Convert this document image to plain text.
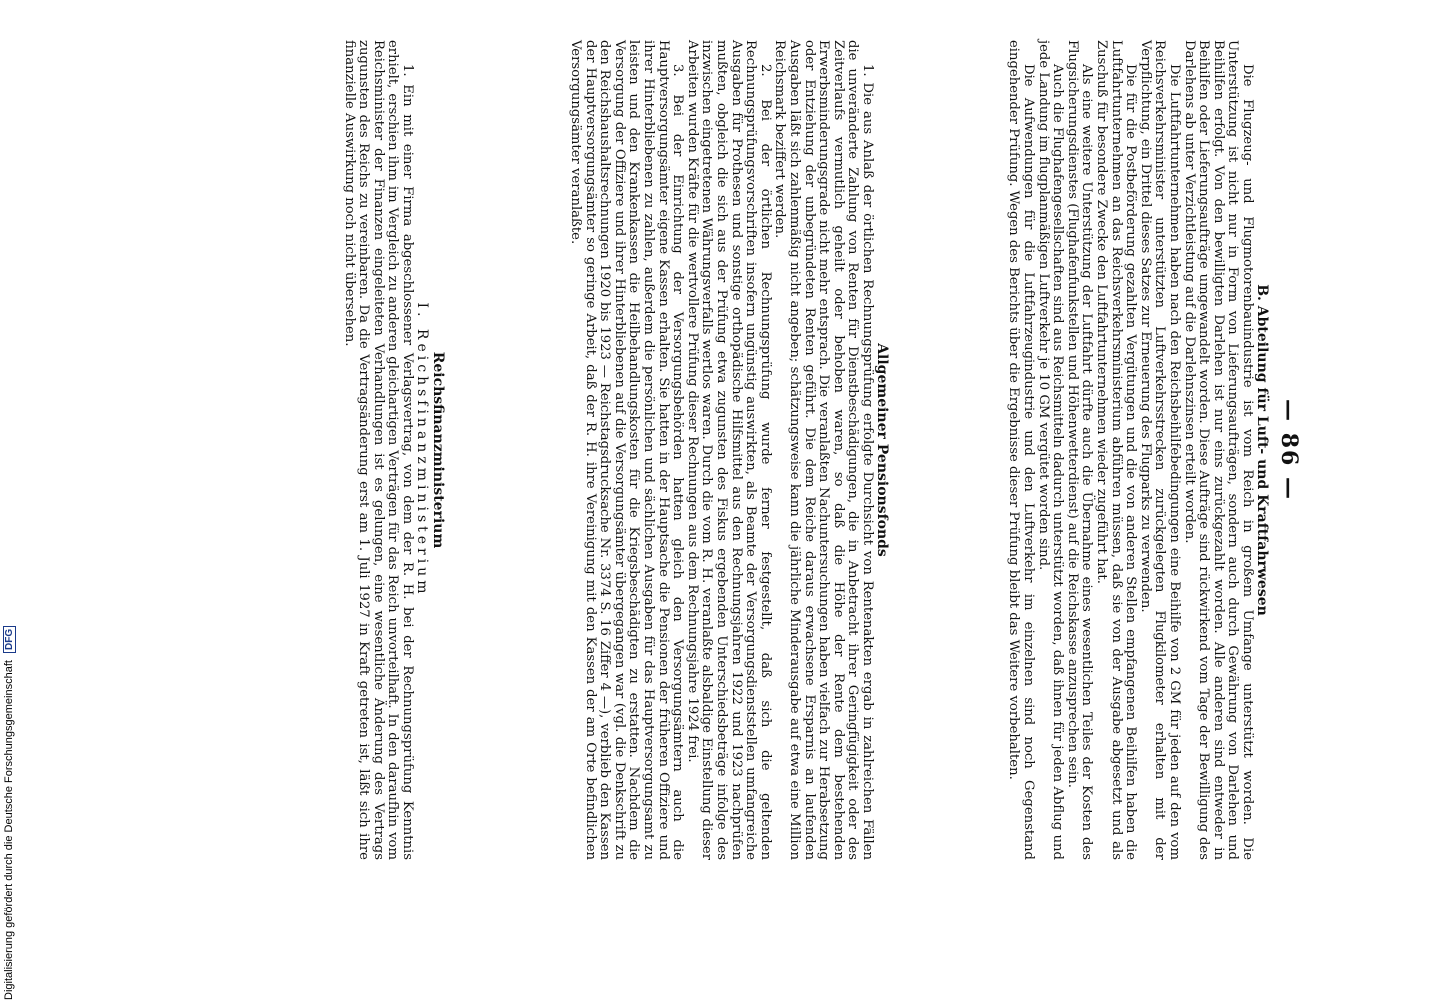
— 86 —
B. Abteilung für Luft- und Kraftfahrwesen

Die Flugzeug- und Flugmotorenbauindustrie ist vom Reich in großem Umfange unterstützt worden. Die Unterstützung ist nicht nur in Form von Lieferungsaufträgen, sondern auch durch Gewährung von Darlehen und Beihilfen erfolgt. Von den bewilligten Darlehen ist nur eins zurückgezahlt worden. Alle anderen sind entweder in Beihilfen oder Lieferungsaufträge umgewandelt worden. Diese Aufträge sind rückwirkend vom Tage der Bewilligung des Darlehens ab unter Verzichtleistung auf die Darlehnszinsen erteilt worden.

Die Luftfahrtunternehmen haben nach den Reichsbeihilfebedingungen eine Beihilfe von 2 GM für jeden auf den vom Reichsverkehrsminister unterstützten Luftverkehrsstrecken zurückgelegten Flugkilometer erhalten mit der Verpflichtung, ein Drittel dieses Satzes zur Erneuerung des Flugparks zu verwenden.

Die für die Postbeförderung gezahlten Vergütungen und die von anderen Stellen empfangenen Beihilfen haben die Luftfahrtunternehmen an das Reichsverkehrsministerium abführen müssen, daß sie von der Ausgabe abgesetzt und als Zuschuß für besondere Zwecke den Luftfahrtunternehmen wieder zugeführt hat.

Als eine weitere Unterstützung der Luftfahrt dürfte auch die Übernahme eines wesentlichen Teiles der Kosten des Flugsicherungsdienstes (Flughafenfunkstellen und Höhenwetterdienst) auf die Reichskasse anzusprechen sein.

Auch die Flughafengesellschaften sind aus Reichsmitteln dadurch unterstützt worden, daß ihnen für jeden Abflug und jede Landung im flugplanmäßigen Luftverkehr je 10 GM vergütet worden sind.

Die Aufwendungen für die Luftfahrzeugindustrie und den Luftverkehr im einzelnen sind noch Gegenstand eingehender Prüfung. Wegen des Berichts über die Ergebnisse dieser Prüfung bleibt das Weitere vorbehalten.

Allgemeiner Pensionsfonds

1. Die aus Anlaß der örtlichen Rechnungsprüfung erfolgte Durchsicht von Rentenakten ergab in zahlreichen Fällen die unveränderte Zahlung von Renten für Dienstbeschädigungen, die in Anbetracht ihrer Geringfügigkeit oder des Zeitverlaufs vermutlich geheilt oder behoben waren, so daß die Höhe der Rente dem bestehenden Erwerbsminderungsgrade nicht mehr entsprach. Die veranlaßten Nachuntersuchungen haben vielfach zur Herabsetzung oder Entziehung der unbegründeten Renten geführt. Die dem Reiche daraus erwachsene Ersparnis an laufenden Ausgaben läßt sich zahlenmäßig nicht angeben; schätzungsweise kann die jährliche Minderausgabe auf etwa eine Million Reichsmark beziffert werden.

2. Bei der örtlichen Rechnungsprüfung wurde ferner festgestellt, daß sich die geltenden Rechnungsprüfungsvorschriften insofern ungünstig auswirkten, als Beamte der Versorgungsdienststellen umfangreiche Ausgaben für Prothesen und sonstige orthopädische Hilfsmittel aus den Rechnungsjahren 1922 und 1923 nachprüfen mußten, obgleich die sich aus der Prüfung etwa zugunsten des Fiskus ergebenden Unterschiedsbeträge infolge des inzwischen eingetretenen Währungsverfalls wertlos waren. Durch die vom R. H. veranlaßte alsbaldige Einstellung dieser Arbeiten wurden Kräfte für die wertvollere Prüfung dieser Rechnungen aus dem Rechnungsjahre 1924 frei.

3. Bei der Einrichtung der Versorgungsbehörden hatten gleich den Versorgungsämtern auch die Hauptversorgungsämter eigene Kassen erhalten. Sie hatten in der Hauptsache die Pensionen der früheren Offiziere und ihrer Hinterbliebenen zu zahlen, außerdem die persönlichen und sächlichen Ausgaben für das Hauptversorgungsamt zu leisten und den Krankenkassen die Heilbehandlungskosten für die Kriegsbeschädigten zu erstatten. Nachdem die Versorgung der Offiziere und ihrer Hinterbliebenen auf die Versorgungsämter übergegangen war (vgl. die Denkschrift zu den Reichshaushaltsrechnungen 1920 bis 1923 — Reichstagsdrucksache Nr. 3374 S. 16 Ziffer 4 —), verblieb den Kassen der Hauptversorgungsämter so geringe Arbeit, daß der R. H. ihre Vereinigung mit den Kassen der am Orte befindlichen Versorgungsämter veranlaßte.

Reichsfinanzministerium
I. Reichsfinanzministerium

1. Ein mit einer Firma abgeschlossener Verlagsvertrag, von dem der R. H. bei der Rechnungsprüfung Kenntnis erhielt, erschien ihm im Vergleich zu anderen gleichartigen Verträgen für das Reich unvorteilhaft. In den daraufhin vom Reichsminister der Finanzen eingeleiteten Verhandlungen ist es gelungen, eine wesentliche Änderung des Vertrags zugunsten des Reichs zu vereinbaren. Da die Vertragsänderung erst am 1. Juli 1927 in Kraft getreten ist, läßt sich ihre finanzielle Auswirkung noch nicht übersehen.

Digitalisierung gefördert durch die Deutsche Forschungsgemeinschaft DFG
